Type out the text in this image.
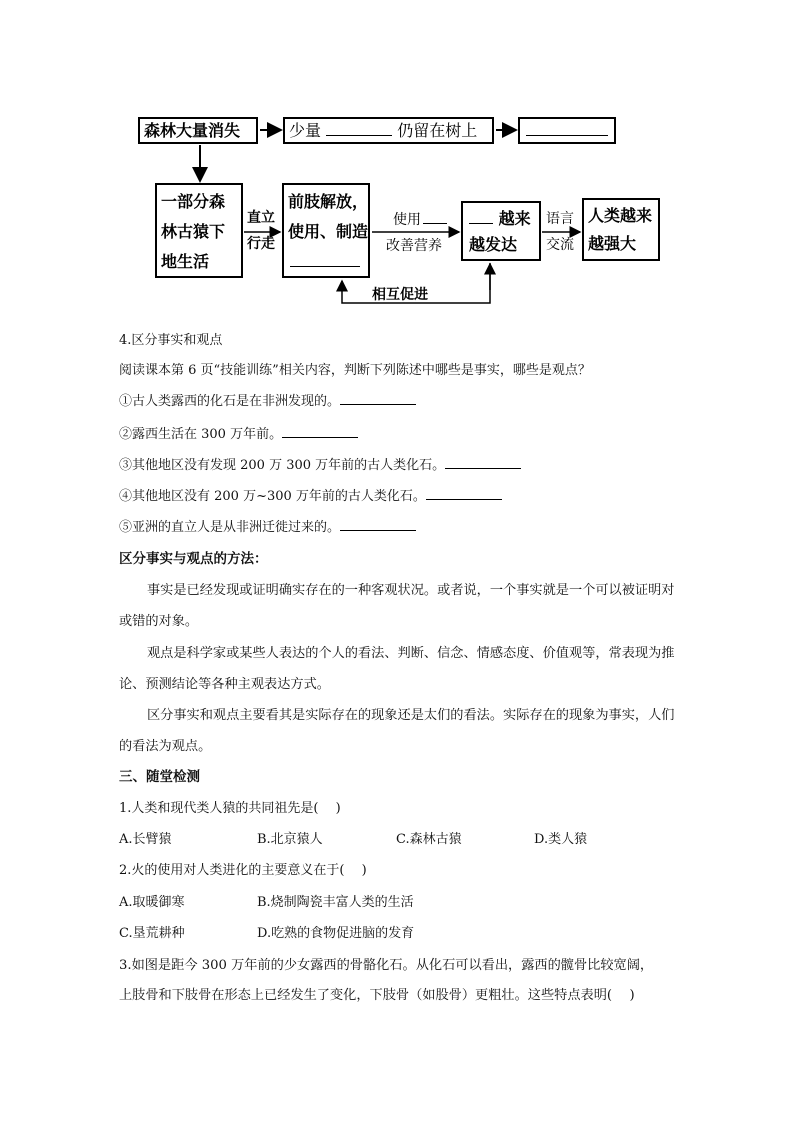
森林大量消失	少量	仍留在树上
一部分森
林古猿下
地生活
前肢解放，
使用、制造
越来
越发达
人类越来
越强大
直立
行走
使用
改善营养
语言
交流
相互促进
4.区分事实和观点
阅读课本第 6 页“技能训练”相关内容，判断下列陈述中哪些是事实，哪些是观点？
①古人类露西的化石是在非洲发现的。
②露西生活在 300 万年前。
③其他地区没有发现 200 万 300 万年前的古人类化石。
④其他地区没有 200 万~300 万年前的古人类化石。
⑤亚洲的直立人是从非洲迁徙过来的。
区分事实与观点的方法：
事实是已经发现或证明确实存在的一种客观状况。或者说，一个事实就是一个可以被证明对或错的对象。
观点是科学家或某些人表达的个人的看法、判断、信念、情感态度、价值观等，常表现为推论、预测结论等各种主观表达方式。
区分事实和观点主要看其是实际存在的现象还是太们的看法。实际存在的现象为事实，人们的看法为观点。
三、随堂检测
1.人类和现代类人猿的共同祖先是(　 )
A.长臂猿	B.北京猿人	C.森林古猿	D.类人猿
2.火的使用对人类进化的主要意义在于(　 )
A.取暖御寒	B.烧制陶瓷丰富人类的生活
C.垦荒耕种	D.吃熟的食物促进脑的发育
3.如图是距今 300 万年前的少女露西的骨骼化石。从化石可以看出，露西的髋骨比较宽阔，
上肢骨和下肢骨在形态上已经发生了变化，下肢骨（如股骨）更粗壮。这些特点表明(　 )
